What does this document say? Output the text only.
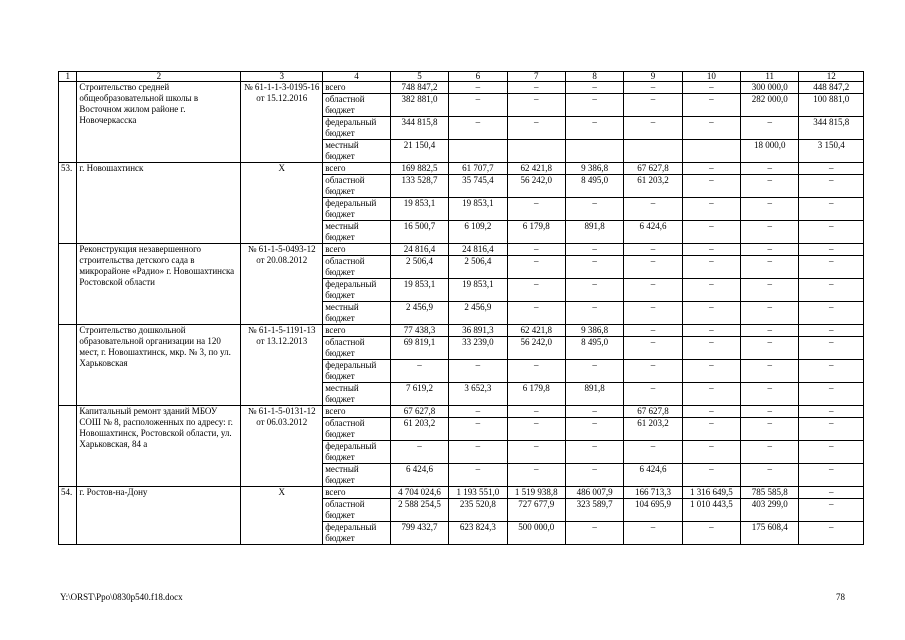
1	2	3	4	5	6	7	8	9	10	11	12
	Строительство средней общеобразовательной школы в Восточном жилом районе г. Новочеркасска	№ 61-1-1-3-0195-16 от 15.12.2016	всего	748 847,2	–	–	–	–	–	300 000,0	448 847,2
			областной бюджет	382 881,0	–	–	–	–	–	282 000,0	100 881,0
			федеральный бюджет	344 815,8	–	–	–	–	–	–	344 815,8
			местный бюджет	21 150,4						18 000,0	3 150,4
53.	г. Новошахтинск	X	всего	169 882,5	61 707,7	62 421,8	9 386,8	67 627,8	–	–	–
			областной бюджет	133 528,7	35 745,4	56 242,0	8 495,0	61 203,2	–	–	–
			федеральный бюджет	19 853,1	19 853,1	–	–	–	–	–	–
			местный бюджет	16 500,7	6 109,2	6 179,8	891,8	6 424,6	–	–	–
	Реконструкция незавершенного строительства детского сада в микрорайоне «Радио» г. Новошахтинска Ростовской области	№ 61-1-5-0493-12 от 20.08.2012	всего	24 816,4	24 816,4	–	–	–	–	–	–
			областной бюджет	2 506,4	2 506,4	–	–	–	–	–	–
			федеральный бюджет	19 853,1	19 853,1	–	–	–	–	–	–
			местный бюджет	2 456,9	2 456,9	–	–	–	–	–	–
	Строительство дошкольной образовательной организации на 120 мест, г. Новошахтинск, мкр. № 3, по ул. Харьковская	№ 61-1-5-1191-13 от 13.12.2013	всего	77 438,3	36 891,3	62 421,8	9 386,8	–	–	–	–
			областной бюджет	69 819,1	33 239,0	56 242,0	8 495,0	–	–	–	–
			федеральный бюджет	–	–	–	–	–	–	–	–
			местный бюджет	7 619,2	3 652,3	6 179,8	891,8	–	–	–	–
	Капитальный ремонт зданий МБОУ СОШ № 8, расположенных по адресу: г. Новошахтинск, Ростовской области, ул. Харьковская, 84 а	№ 61-1-5-0131-12 от 06.03.2012	всего	67 627,8	–	–	–	67 627,8	–	–	–
			областной бюджет	61 203,2	–	–	–	61 203,2	–	–	–
			федеральный бюджет	–	–	–	–	–	–	–	–
			местный бюджет	6 424,6	–	–	–	6 424,6	–	–	–
54.	г. Ростов-на-Дону	X	всего	4 704 024,6	1 193 551,0	1 519 938,8	486 007,9	166 713,3	1 316 649,5	785 585,8	–
			областной бюджет	2 588 254,5	235 520,8	727 677,9	323 589,7	104 695,9	1 010 443,5	403 299,0	–
			федеральный бюджет	799 432,7	623 824,3	500 000,0	–	–	–	175 608,4	–
Y:\ORST\Ppo\0830p540.f18.docx	78
